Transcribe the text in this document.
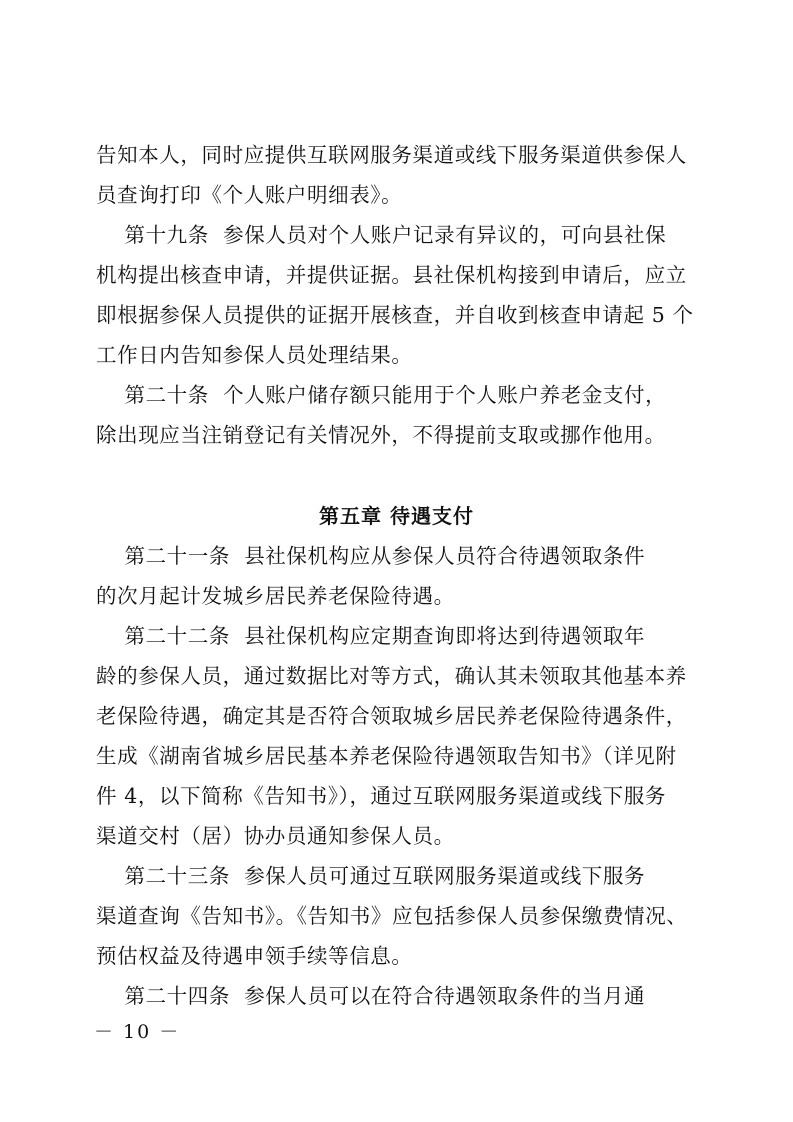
告知本人，同时应提供互联网服务渠道或线下服务渠道供参保人
员查询打印《个人账户明细表》。
第十九条  参保人员对个人账户记录有异议的，可向县社保
机构提出核查申请，并提供证据。县社保机构接到申请后，应立
即根据参保人员提供的证据开展核查，并自收到核查申请起 5 个
工作日内告知参保人员处理结果。
第二十条  个人账户储存额只能用于个人账户养老金支付，
除出现应当注销登记有关情况外，不得提前支取或挪作他用。
第五章 待遇支付
第二十一条  县社保机构应从参保人员符合待遇领取条件
的次月起计发城乡居民养老保险待遇。
第二十二条  县社保机构应定期查询即将达到待遇领取年
龄的参保人员，通过数据比对等方式，确认其未领取其他基本养
老保险待遇，确定其是否符合领取城乡居民养老保险待遇条件，
生成《湖南省城乡居民基本养老保险待遇领取告知书》（详见附
件 4，以下简称《告知书》），通过互联网服务渠道或线下服务
渠道交村（居）协办员通知参保人员。
第二十三条  参保人员可通过互联网服务渠道或线下服务
渠道查询《告知书》。《告知书》应包括参保人员参保缴费情况、
预估权益及待遇申领手续等信息。
第二十四条  参保人员可以在符合待遇领取条件的当月通
－ 10 －
